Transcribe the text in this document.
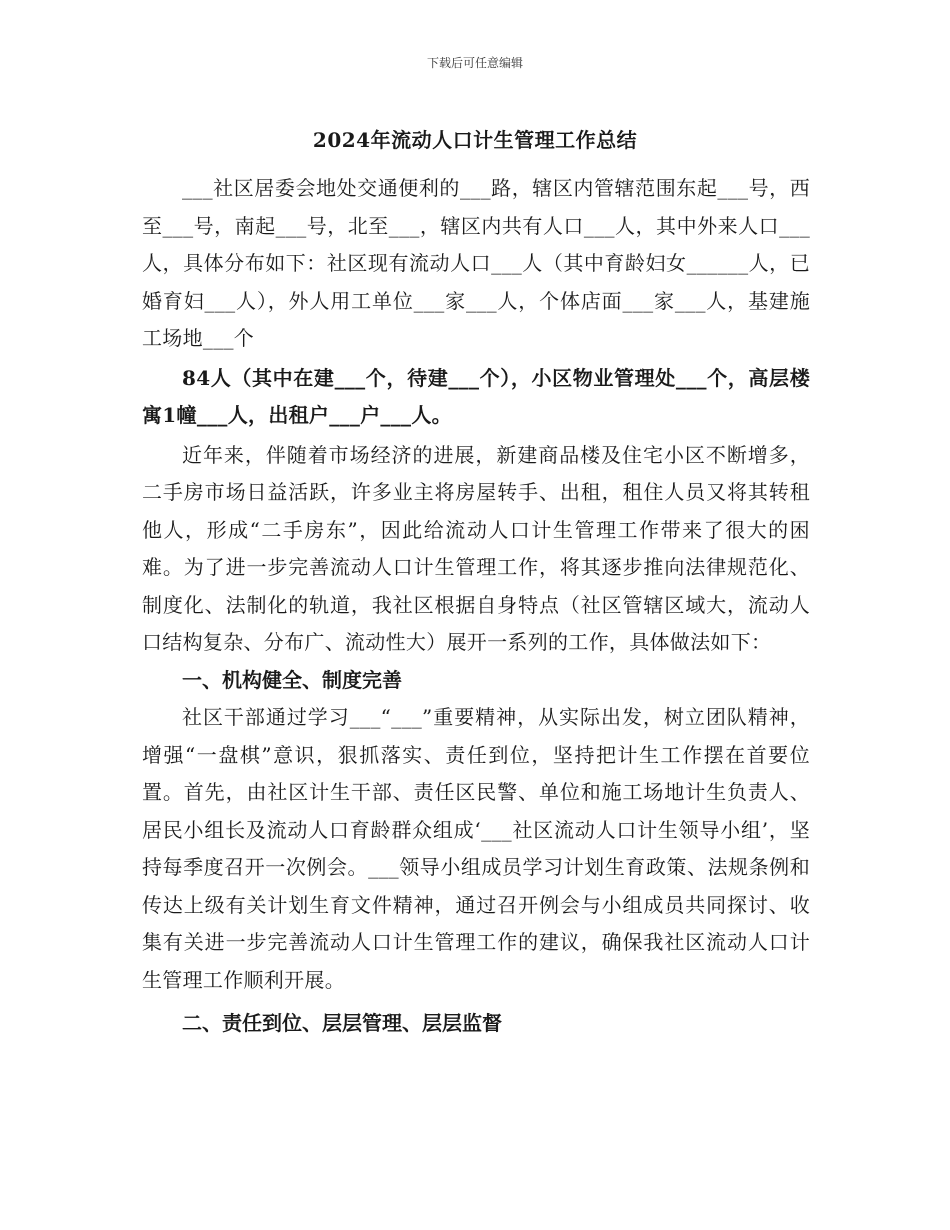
下载后可任意编辑
2024年流动人口计生管理工作总结

___社区居委会地处交通便利的___路，辖区内管辖范围东起___号，西至___号，南起___号，北至___，辖区内共有人口___人，其中外来人口___人，具体分布如下：社区现有流动人口___人（其中育龄妇女______人，已婚育妇___人），外人用工单位___家___人，个体店面___家___人，基建施工场地___个

84人（其中在建___个，待建___个），小区物业管理处___个，高层楼寓1幢___人，出租户___户___人。

近年来，伴随着市场经济的进展，新建商品楼及住宅小区不断增多，二手房市场日益活跃，许多业主将房屋转手、出租，租住人员又将其转租他人，形成“二手房东”，因此给流动人口计生管理工作带来了很大的困难。为了进一步完善流动人口计生管理工作，将其逐步推向法律规范化、制度化、法制化的轨道，我社区根据自身特点（社区管辖区域大，流动人口结构复杂、分布广、流动性大）展开一系列的工作，具体做法如下：

一、机构健全、制度完善

社区干部通过学习___“___”重要精神，从实际出发，树立团队精神，增强“一盘棋”意识，狠抓落实、责任到位，坚持把计生工作摆在首要位置。首先，由社区计生干部、责任区民警、单位和施工场地计生负责人、居民小组长及流动人口育龄群众组成‘___社区流动人口计生领导小组’，坚持每季度召开一次例会。___领导小组成员学习计划生育政策、法规条例和传达上级有关计划生育文件精神，通过召开例会与小组成员共同探讨、收集有关进一步完善流动人口计生管理工作的建议，确保我社区流动人口计生管理工作顺利开展。

二、责任到位、层层管理、层层监督
